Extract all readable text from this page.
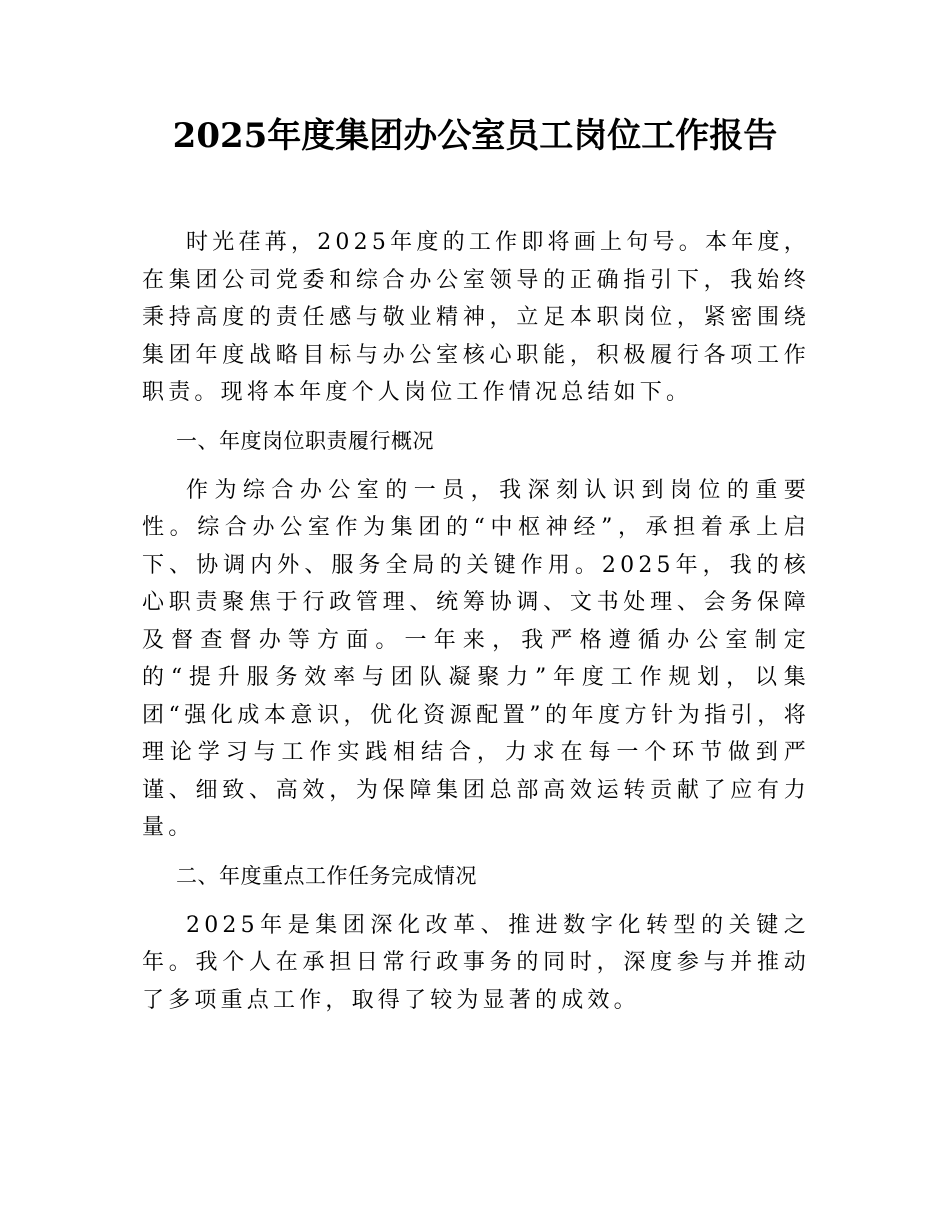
2025年度集团办公室员工岗位工作报告

时光荏苒，2025年度的工作即将画上句号。本年度，在集团公司党委和综合办公室领导的正确指引下，我始终秉持高度的责任感与敬业精神，立足本职岗位，紧密围绕集团年度战略目标与办公室核心职能，积极履行各项工作职责。现将本年度个人岗位工作情况总结如下。

一、年度岗位职责履行概况

作为综合办公室的一员，我深刻认识到岗位的重要性。综合办公室作为集团的“中枢神经”，承担着承上启下、协调内外、服务全局的关键作用。2025年，我的核心职责聚焦于行政管理、统筹协调、文书处理、会务保障及督查督办等方面。一年来，我严格遵循办公室制定的“提升服务效率与团队凝聚力”年度工作规划，以集团“强化成本意识，优化资源配置”的年度方针为指引，将理论学习与工作实践相结合，力求在每一个环节做到严谨、细致、高效，为保障集团总部高效运转贡献了应有力量。

二、年度重点工作任务完成情况

2025年是集团深化改革、推进数字化转型的关键之年。我个人在承担日常行政事务的同时，深度参与并推动了多项重点工作，取得了较为显著的成效。
